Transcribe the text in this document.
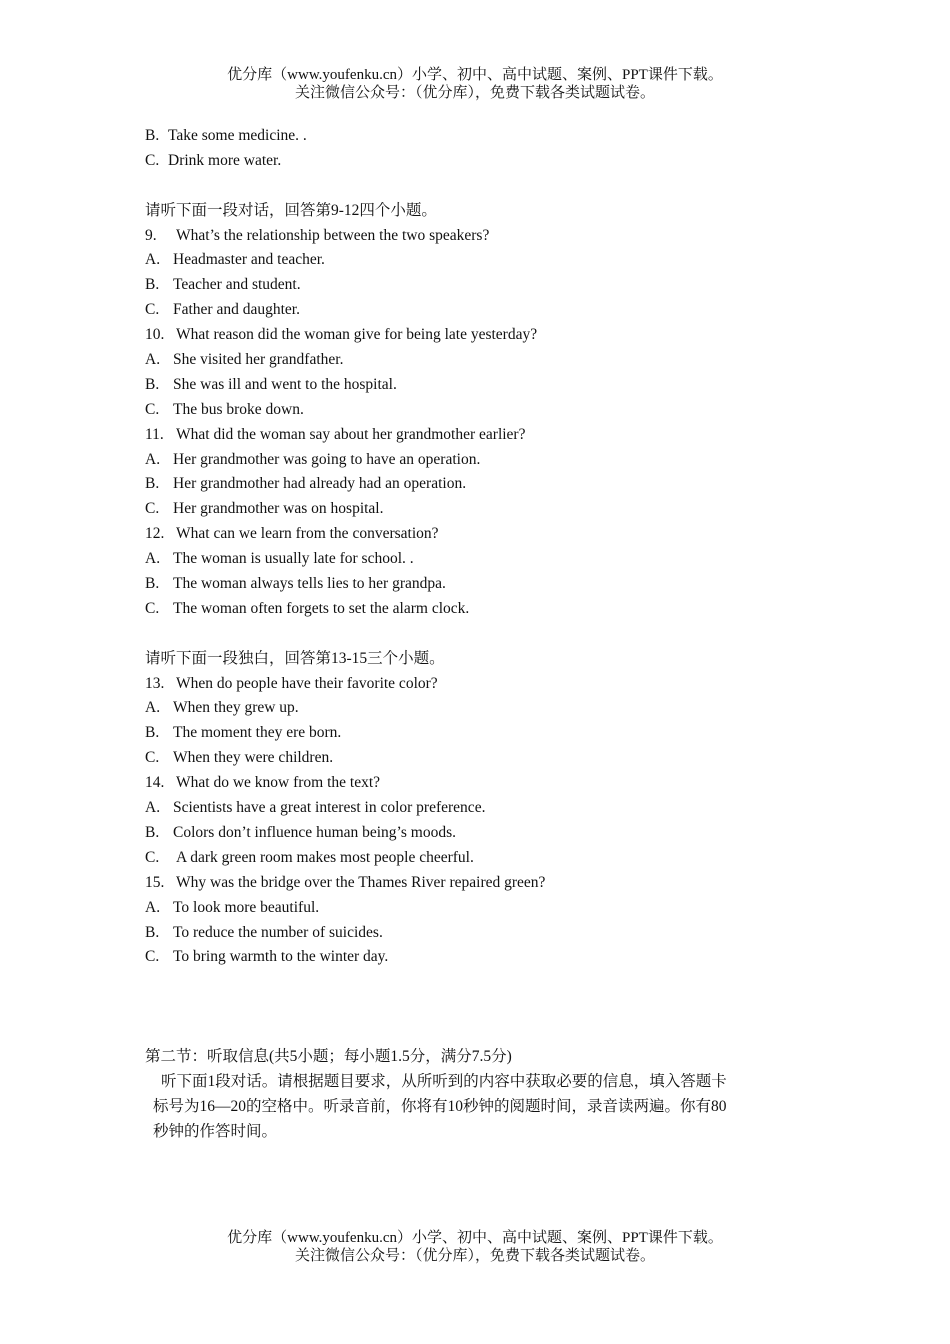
优分库（www.youfenku.cn）小学、初中、高中试题、案例、PPT课件下载。
关注微信公众号：（优分库），免费下载各类试题试卷。
B. Take some medicine. .
C. Drink more water.
请听下面一段对话，回答第9-12四个小题。
9. What’s the relationship between the two speakers?
A. Headmaster and teacher.
B. Teacher and student.
C. Father and daughter.
10. What reason did the woman give for being late yesterday?
A. She visited her grandfather.
B. She was ill and went to the hospital.
C. The bus broke down.
11. What did the woman say about her grandmother earlier?
A. Her grandmother was going to have an operation.
B. Her grandmother had already had an operation.
C. Her grandmother was on hospital.
12. What can we learn from the conversation?
A. The woman is usually late for school. .
B. The woman always tells lies to her grandpa.
C. The woman often forgets to set the alarm clock.
请听下面一段独白，回答第13-15三个小题。
13. When do people have their favorite color?
A. When they grew up.
B. The moment they ere born.
C. When they were children.
14. What do we know from the text?
A. Scientists have a great interest in color preference.
B. Colors don’t influence human being’s moods.
C. A dark green room makes most people cheerful.
15. Why was the bridge over the Thames River repaired green?
A. To look more beautiful.
B. To reduce the number of suicides.
C. To bring warmth to the winter day.
第二节：听取信息(共5小题；每小题1.5分，满分7.5分)
听下面1段对话。请根据题目要求，从所听到的内容中获取必要的信息，填入答题卡
标号为16—20的空格中。听录音前，你将有10秒钟的阅题时间，录音读两遍。你有80
秒钟的作答时间。
优分库（www.youfenku.cn）小学、初中、高中试题、案例、PPT课件下载。
关注微信公众号：（优分库），免费下载各类试题试卷。
